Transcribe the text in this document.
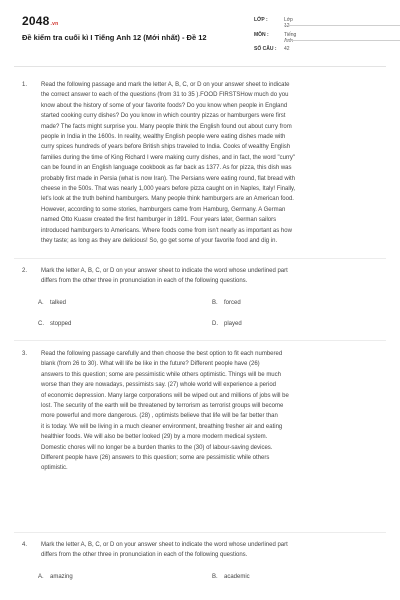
2048.vn
Đề kiểm tra cuối kì I Tiếng Anh 12 (Mới nhất) - Đề 12
LỚP :	Lớp 12
MÔN :	Tiếng Anh
SỐ CÂU :	42
1. Read the following passage and mark the letter A, B, C, or D on your answer sheet to indicate
the correct answer to each of the questions (from 31 to 35 ).FOOD FIRSTSHow much do you
know about the history of some of your favorite foods? Do you know when people in England
started cooking curry dishes? Do you know in which country pizzas or hamburgers were first
made? The facts might surprise you. Many people think the English found out about curry from
people in India in the 1600s. In reality, wealthy English people were eating dishes made with
curry spices hundreds of years before British ships traveled to India. Cooks of wealthy English
families during the time of King Richard I were making curry dishes, and in fact, the word "curry"
can be found in an English language cookbook as far back as 1377. As for pizza, this dish was
probably first made in Persia (what is now Iran). The Persians were eating round, flat bread with
cheese in the 500s. That was nearly 1,000 years before pizza caught on in Naples, Italy! Finally,
let's look at the truth behind hamburgers. Many people think hamburgers are an American food.
However, according to some stories, hamburgers came from Hamburg, Germany. A German
named Otto Kuasw created the first hamburger in 1891. Four years later, German sailors
introduced hamburgers to Americans. Where foods come from isn't nearly as important as how
they taste; as long as they are delicious! So, go get some of your favorite food and dig in.
2. Mark the letter A, B, C, or D on your answer sheet to indicate the word whose underlined part
differs from the other three in pronunciation in each of the following questions.
A. talked	B. forced
C. stopped	D. played
3. Read the following passage carefully and then choose the best option to fit each numbered
blank (from 26 to 30). What will life be like in the future? Different people have (26)
answers to this question; some are pessimistic while others optimistic. Things will be much
worse than they are nowadays, pessimists say. (27) whole world will experience a period
of economic depression. Many large corporations will be wiped out and millions of jobs will be
lost. The security of the earth will be threatened by terrorism as terrorist groups will become
more powerful and more dangerous. (28) , optimists believe that life will be far better than
it is today. We will be living in a much cleaner environment, breathing fresher air and eating
healthier foods. We will also be better looked (29) by a more modern medical system.
Domestic chores will no longer be a burden thanks to the (30) of labour-saving devices.
Different people have (26) answers to this question; some are pessimistic while others
optimistic.
4. Mark the letter A, B, C, or D on your answer sheet to indicate the word whose underlined part
differs from the other three in pronunciation in each of the following questions.
A. amazing	B. academic
